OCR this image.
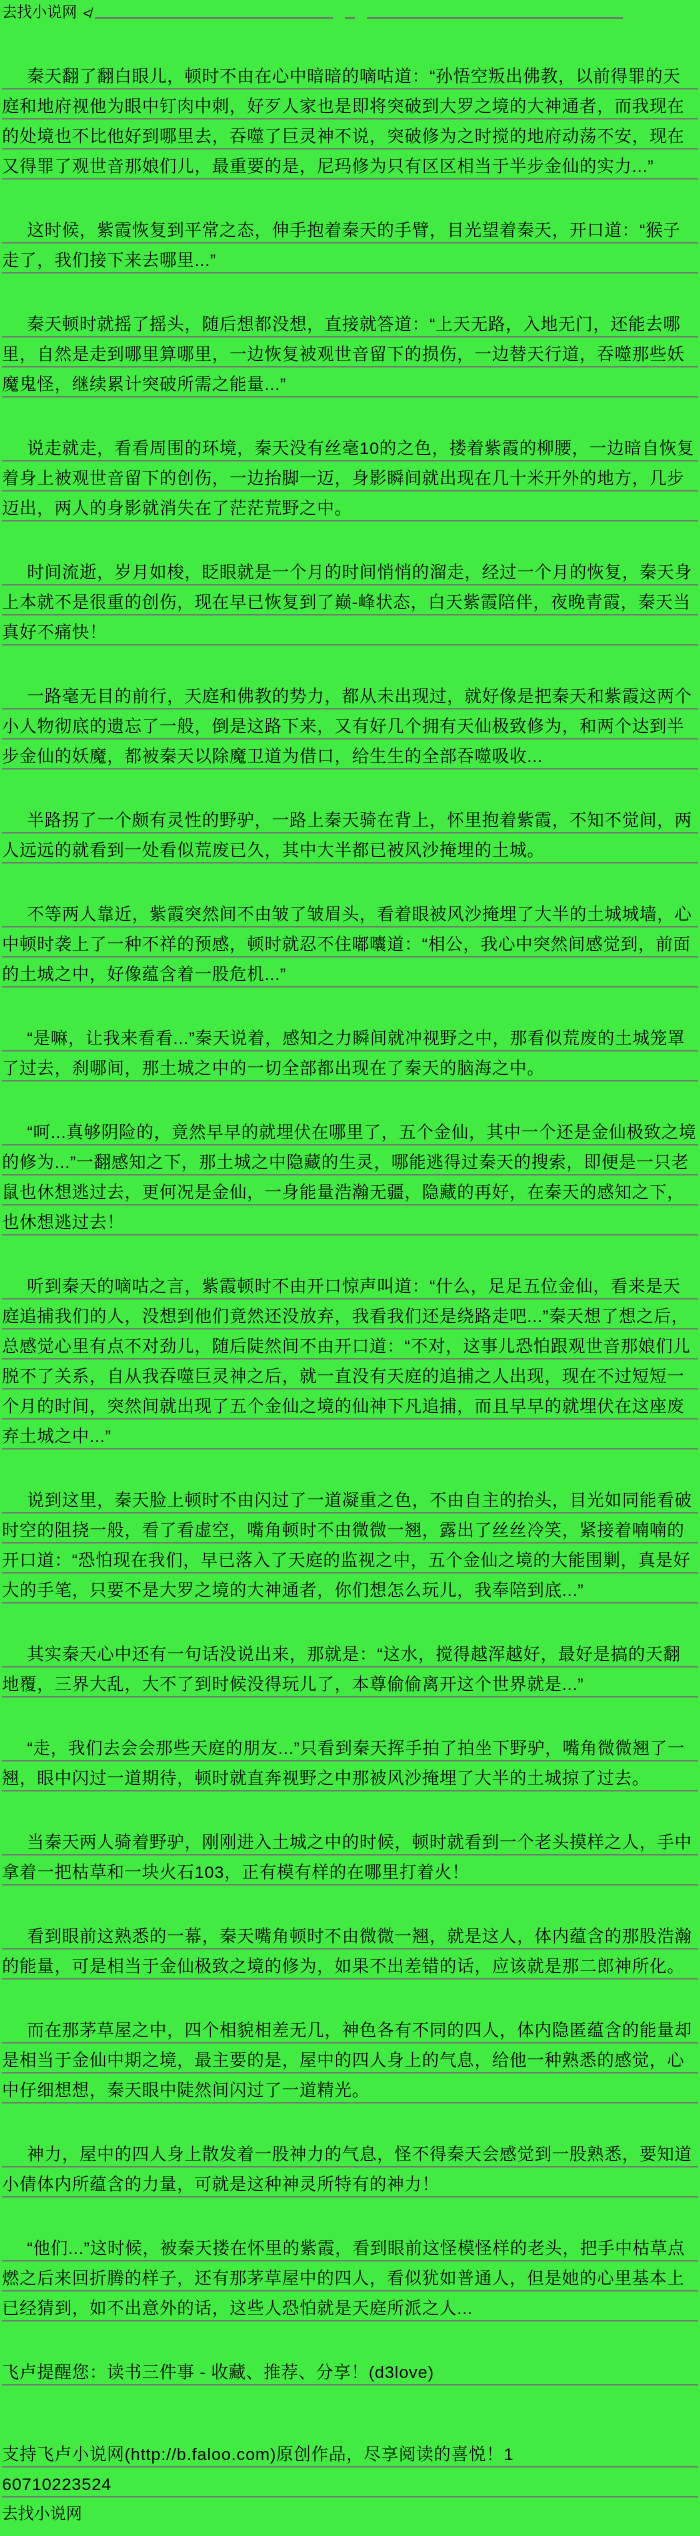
去找小说网 ≮

秦天翻了翻白眼儿，顿时不由在心中暗暗的嘀咕道：“孙悟空叛出佛教，以前得罪的天庭和地府视他为眼中钉肉中刺，好歹人家也是即将突破到大罗之境的大神通者，而我现在的处境也不比他好到哪里去，吞噬了巨灵神不说，突破修为之时搅的地府动荡不安，现在又得罪了观世音那娘们儿，最重要的是，尼玛修为只有区区相当于半步金仙的实力...”

这时候，紫霞恢复到平常之态，伸手抱着秦天的手臂，目光望着秦天，开口道：“猴子走了，我们接下来去哪里...”

秦天顿时就摇了摇头，随后想都没想，直接就答道：“上天无路，入地无门，还能去哪里，自然是走到哪里算哪里，一边恢复被观世音留下的损伤，一边替天行道，吞噬那些妖魔鬼怪，继续累计突破所需之能量...”

说走就走，看看周围的环境，秦天没有丝毫10的之色，搂着紫霞的柳腰，一边暗自恢复着身上被观世音留下的创伤，一边抬脚一迈，身影瞬间就出现在几十米开外的地方，几步迈出，两人的身影就消失在了茫茫荒野之中。

时间流逝，岁月如梭，眨眼就是一个月的时间悄悄的溜走，经过一个月的恢复，秦天身上本就不是很重的创伤，现在早已恢复到了巅-峰状态，白天紫霞陪伴，夜晚青霞，秦天当真好不痛快！

一路毫无目的前行，天庭和佛教的势力，都从未出现过，就好像是把秦天和紫霞这两个小人物彻底的遗忘了一般，倒是这路下来，又有好几个拥有天仙极致修为，和两个达到半步金仙的妖魔，都被秦天以除魔卫道为借口，给生生的全部吞噬吸收...

半路拐了一个颇有灵性的野驴，一路上秦天骑在背上，怀里抱着紫霞，不知不觉间，两人远远的就看到一处看似荒废已久，其中大半都已被风沙掩埋的土城。

不等两人靠近，紫霞突然间不由皱了皱眉头，看着眼被风沙掩埋了大半的土城城墙，心中顿时袭上了一种不祥的预感，顿时就忍不住嘟囔道：“相公，我心中突然间感觉到，前面的土城之中，好像蕴含着一股危机...”

“是嘛，让我来看看...”秦天说着，感知之力瞬间就冲视野之中，那看似荒废的土城笼罩了过去，刹哪间，那土城之中的一切全部都出现在了秦天的脑海之中。

“呵...真够阴险的，竟然早早的就埋伏在哪里了，五个金仙，其中一个还是金仙极致之境的修为...”一翻感知之下，那土城之中隐藏的生灵，哪能逃得过秦天的搜索，即便是一只老鼠也休想逃过去，更何况是金仙，一身能量浩瀚无疆，隐藏的再好，在秦天的感知之下，也休想逃过去！

听到秦天的嘀咕之言，紫霞顿时不由开口惊声叫道：“什么，足足五位金仙，看来是天庭追捕我们的人，没想到他们竟然还没放弃，我看我们还是绕路走吧...”秦天想了想之后，总感觉心里有点不对劲儿，随后陡然间不由开口道：“不对，这事儿恐怕跟观世音那娘们儿脱不了关系，自从我吞噬巨灵神之后，就一直没有天庭的追捕之人出现，现在不过短短一个月的时间，突然间就出现了五个金仙之境的仙神下凡追捕，而且早早的就埋伏在这座废弃土城之中...”

说到这里，秦天脸上顿时不由闪过了一道凝重之色，不由自主的抬头，目光如同能看破时空的阻挠一般，看了看虚空，嘴角顿时不由微微一翘，露出了丝丝冷笑，紧接着喃喃的开口道：“恐怕现在我们，早已落入了天庭的监视之中，五个金仙之境的大能围剿，真是好大的手笔，只要不是大罗之境的大神通者，你们想怎么玩儿，我奉陪到底...”

其实秦天心中还有一句话没说出来，那就是：“这水，搅得越浑越好，最好是搞的天翻地覆，三界大乱，大不了到时候没得玩儿了，本尊偷偷离开这个世界就是...”

“走，我们去会会那些天庭的朋友...”只看到秦天挥手拍了拍坐下野驴，嘴角微微翘了一翘，眼中闪过一道期待，顿时就直奔视野之中那被风沙掩埋了大半的土城掠了过去。

当秦天两人骑着野驴，刚刚进入土城之中的时候，顿时就看到一个老头摸样之人，手中拿着一把枯草和一块火石103，正有模有样的在哪里打着火！

看到眼前这熟悉的一幕，秦天嘴角顿时不由微微一翘，就是这人，体内蕴含的那股浩瀚的能量，可是相当于金仙极致之境的修为，如果不出差错的话，应该就是那二郎神所化。

而在那茅草屋之中，四个相貌相差无几，神色各有不同的四人，体内隐匿蕴含的能量却是相当于金仙中期之境，最主要的是，屋中的四人身上的气息，给他一种熟悉的感觉，心中仔细想想，秦天眼中陡然间闪过了一道精光。

神力，屋中的四人身上散发着一股神力的气息，怪不得秦天会感觉到一股熟悉，要知道小倩体内所蕴含的力量，可就是这种神灵所特有的神力！

“他们...”这时候，被秦天搂在怀里的紫霞，看到眼前这怪模怪样的老头，把手中枯草点燃之后来回折腾的样子，还有那茅草屋中的四人，看似犹如普通人，但是她的心里基本上已经猜到，如不出意外的话，这些人恐怕就是天庭所派之人...

飞卢提醒您：读书三件事 - 收藏、推荐、分享！(d3love)

支持飞卢小说网(http://b.faloo.com)原创作品，尽享阅读的喜悦！1

60710223524

去找小说网
